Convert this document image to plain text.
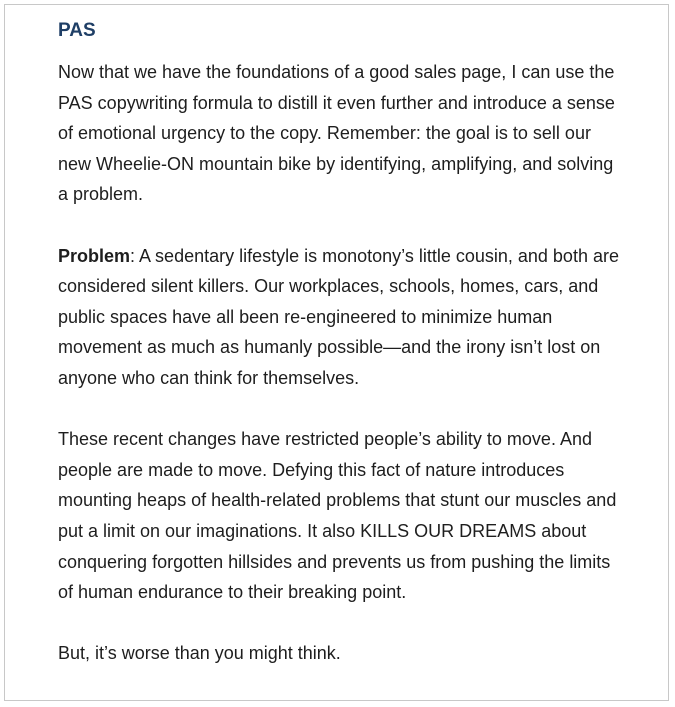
PAS

Now that we have the foundations of a good sales page, I can use the PAS copywriting formula to distill it even further and introduce a sense of emotional urgency to the copy. Remember: the goal is to sell our new Wheelie-ON mountain bike by identifying, amplifying, and solving a problem.

Problem: A sedentary lifestyle is monotony’s little cousin, and both are considered silent killers. Our workplaces, schools, homes, cars, and public spaces have all been re-engineered to minimize human movement as much as humanly possible—and the irony isn’t lost on anyone who can think for themselves.

These recent changes have restricted people’s ability to move. And people are made to move. Defying this fact of nature introduces mounting heaps of health-related problems that stunt our muscles and put a limit on our imaginations. It also KILLS OUR DREAMS about conquering forgotten hillsides and prevents us from pushing the limits of human endurance to their breaking point.

But, it’s worse than you might think.
